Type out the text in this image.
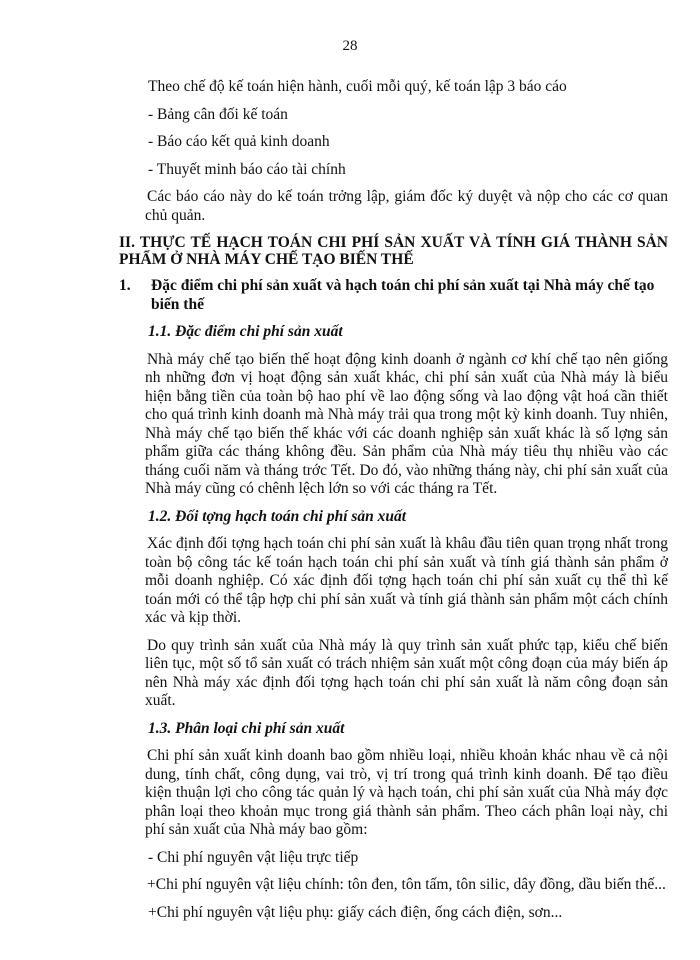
28

Theo chế độ kế toán hiện hành, cuối mỗi quý, kế toán lập 3 báo cáo

- Bảng cân đối kế toán

- Báo cáo kết quả kinh doanh

- Thuyết minh báo cáo tài chính

Các báo cáo này do kế toán trởng lập, giám đốc ký duyệt và nộp cho các cơ quan chủ quản.

II. THỰC TẾ HẠCH TOÁN CHI PHÍ SẢN XUẤT VÀ TÍNH GIÁ THÀNH SẢN PHẨM Ở NHÀ MÁY CHẾ TẠO BIẾN THẾ

1.	Đặc điểm chi phí sản xuất và hạch toán chi phí sản xuất tại Nhà máy chế tạo biến thế

1.1. Đặc điểm chi phí sản xuất

Nhà máy chế tạo biến thế hoạt động kinh doanh ở ngành cơ khí chế tạo nên giống nh những đơn vị hoạt động sản xuất khác, chi phí sản xuất của Nhà máy là biểu hiện bằng tiền của toàn bộ hao phí về lao động sống và lao động vật hoá cần thiết cho quá trình kinh doanh mà Nhà máy trải qua trong một kỳ kinh doanh. Tuy nhiên, Nhà máy chế tạo biến thế khác với các doanh nghiệp sản xuất khác là số lợng sản phẩm giữa các tháng không đều. Sản phẩm của Nhà máy tiêu thụ nhiều vào các tháng cuối năm và tháng trớc Tết. Do đó, vào những tháng này, chi phí sản xuất của Nhà máy cũng có chênh lệch lớn so với các tháng ra Tết.

1.2. Đối tợng hạch toán chi phí sản xuất

Xác định đối tợng hạch toán chi phí sản xuất là khâu đầu tiên quan trọng nhất trong toàn bộ công tác kế toán hạch toán chi phí sản xuất và tính giá thành sản phẩm ở mỗi doanh nghiệp. Có xác định đối tợng hạch toán chi phí sản xuất cụ thể thì kế toán mới có thể tập hợp chi phí sản xuất và tính giá thành sản phẩm một cách chính xác và kịp thời.

Do quy trình sản xuất của Nhà máy là quy trình sản xuất phức tạp, kiểu chế biến liên tục, một số tổ sản xuất có trách nhiệm sản xuất một công đoạn của máy biến áp nên Nhà máy xác định đối tợng hạch toán chi phí sản xuất là năm công đoạn sản xuất.

1.3. Phân loại chi phí sản xuất

Chi phí sản xuất kinh doanh bao gồm nhiều loại, nhiều khoản khác nhau về cả nội dung, tính chất, công dụng, vai trò, vị trí trong quá trình kinh doanh. Để tạo điều kiện thuận lợi cho công tác quản lý và hạch toán, chi phí sản xuất của Nhà máy đợc phân loại theo khoản mục trong giá thành sản phẩm. Theo cách phân loại này, chi phí sản xuất của Nhà máy bao gồm:

- Chi phí nguyên vật liệu trực tiếp

+Chi phí nguyên vật liệu chính: tôn đen, tôn tấm, tôn silic, dây đồng, dầu biến thế...

+Chi phí nguyên vật liệu phụ: giấy cách điện, ống cách điện, sơn...
